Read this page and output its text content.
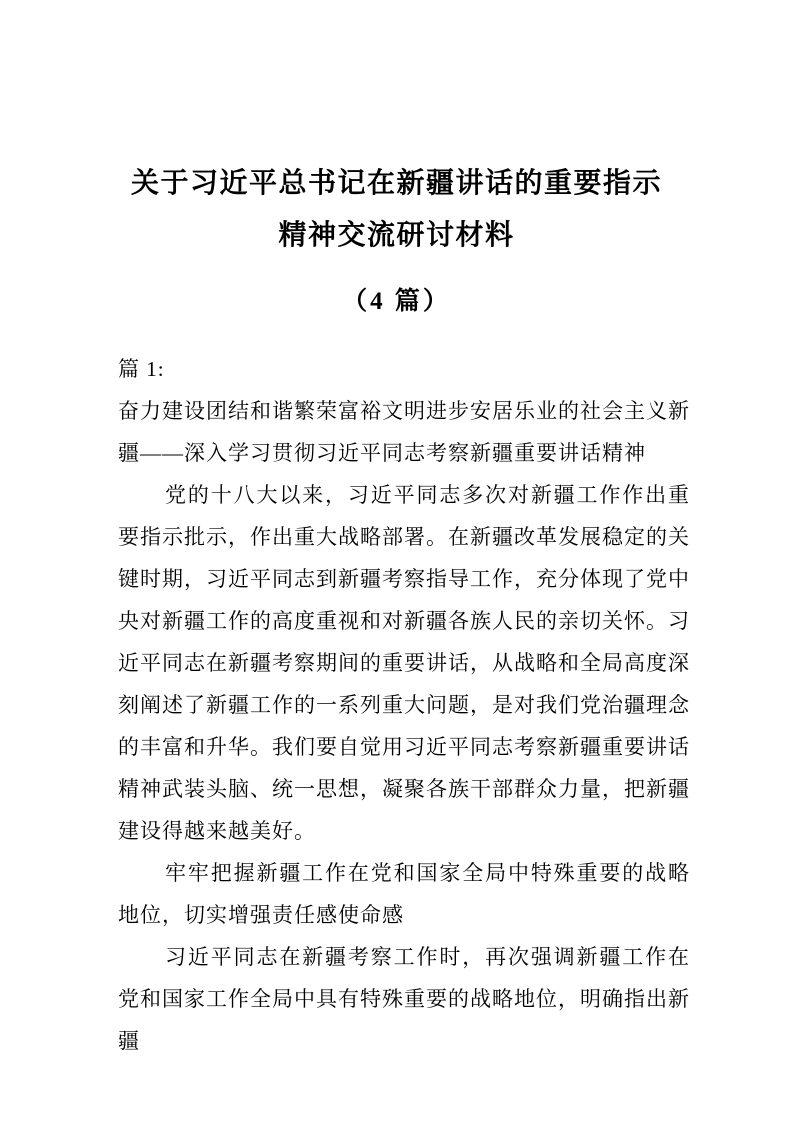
关于习近平总书记在新疆讲话的重要指示
精神交流研讨材料
（4 篇）

篇 1:

奋力建设团结和谐繁荣富裕文明进步安居乐业的社会主义新疆——深入学习贯彻习近平同志考察新疆重要讲话精神

党的十八大以来，习近平同志多次对新疆工作作出重要指示批示，作出重大战略部署。在新疆改革发展稳定的关键时期，习近平同志到新疆考察指导工作，充分体现了党中央对新疆工作的高度重视和对新疆各族人民的亲切关怀。习近平同志在新疆考察期间的重要讲话，从战略和全局高度深刻阐述了新疆工作的一系列重大问题，是对我们党治疆理念的丰富和升华。我们要自觉用习近平同志考察新疆重要讲话精神武装头脑、统一思想，凝聚各族干部群众力量，把新疆建设得越来越美好。

牢牢把握新疆工作在党和国家全局中特殊重要的战略地位，切实增强责任感使命感

习近平同志在新疆考察工作时，再次强调新疆工作在党和国家工作全局中具有特殊重要的战略地位，明确指出新疆
